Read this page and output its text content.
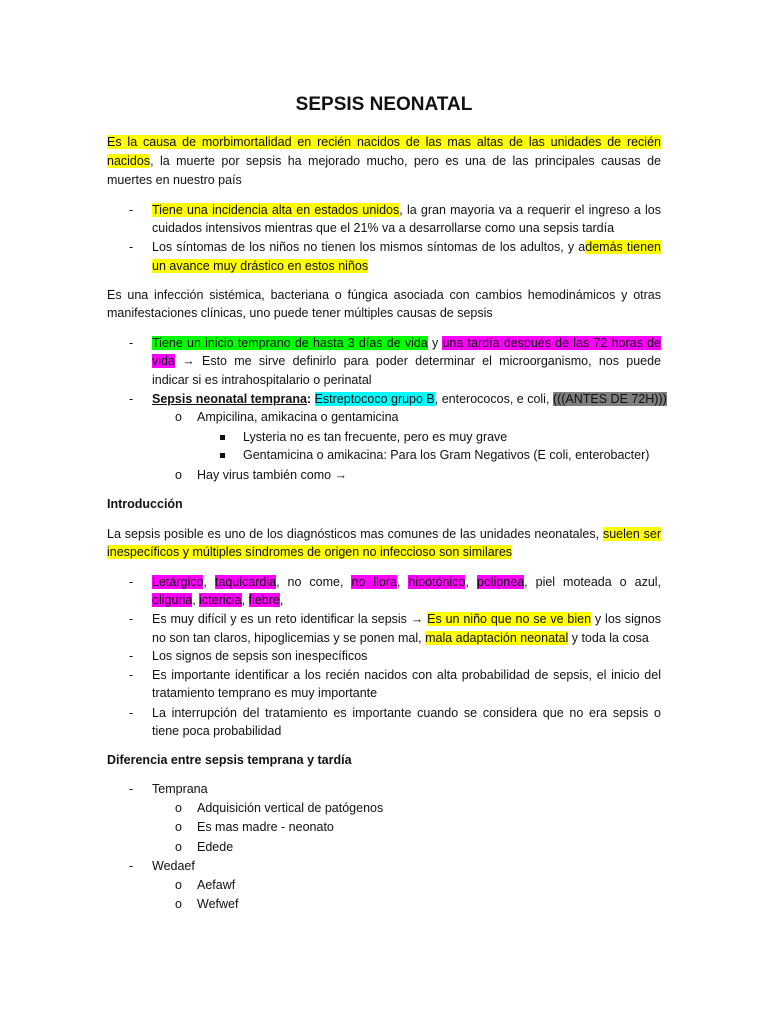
SEPSIS NEONATAL
Es la causa de morbimortalidad en recién nacidos de las mas altas de las unidades de recién
nacidos, la muerte por sepsis ha mejorado mucho, pero es una de las principales causas de
muertes en nuestro país
- Tiene una incidencia alta en estados unidos, la gran mayoria va a requerir el ingreso a los
cuidados intensivos mientras que el 21% va a desarrollarse como una sepsis tardía
- Los síntomas de los niños no tienen los mismos síntomas de los adultos, y además tienen
un avance muy drástico en estos niños
Es una infección sistémica, bacteriana o fúngica asociada con cambios hemodinámicos y otras
manifestaciones clínicas, uno puede tener múltiples causas de sepsis
- Tiene un inicio temprano de hasta 3 días de vida y una tardía después de las 72 horas de
vida → Esto me sirve definirlo para poder determinar el microorganismo, nos puede
indicar si es intrahospitalario o perinatal
- Sepsis neonatal temprana: Estreptococo grupo B, enterococos, e coli, (((ANTES DE 72H)))
o Ampicilina, amikacina o gentamicina
Lysteria no es tan frecuente, pero es muy grave
Gentamicina o amikacina: Para los Gram Negativos (E coli, enterobacter)
o Hay virus también como →
Introducción
La sepsis posible es uno de los diagnósticos mas comunes de las unidades neonatales, suelen ser
inespecíficos y múltiples síndromes de origen no infeccioso son similares
- Letárgico, taquicardia, no come, no llora, hipotónico, polipnea, piel moteada o azul,
oliguria, ictericia, fiebre,
- Es muy difícil y es un reto identificar la sepsis → Es un niño que no se ve bien y los signos
no son tan claros, hipoglicemias y se ponen mal, mala adaptación neonatal y toda la cosa
- Los signos de sepsis son inespecíficos
- Es importante identificar a los recién nacidos con alta probabilidad de sepsis, el inicio del
tratamiento temprano es muy importante
- La interrupción del tratamiento es importante cuando se considera que no era sepsis o
tiene poca probabilidad
Diferencia entre sepsis temprana y tardía
- Temprana
o Adquisición vertical de patógenos
o Es mas madre - neonato
o Edede
- Wedaef
o Aefawf
o Wefwef
